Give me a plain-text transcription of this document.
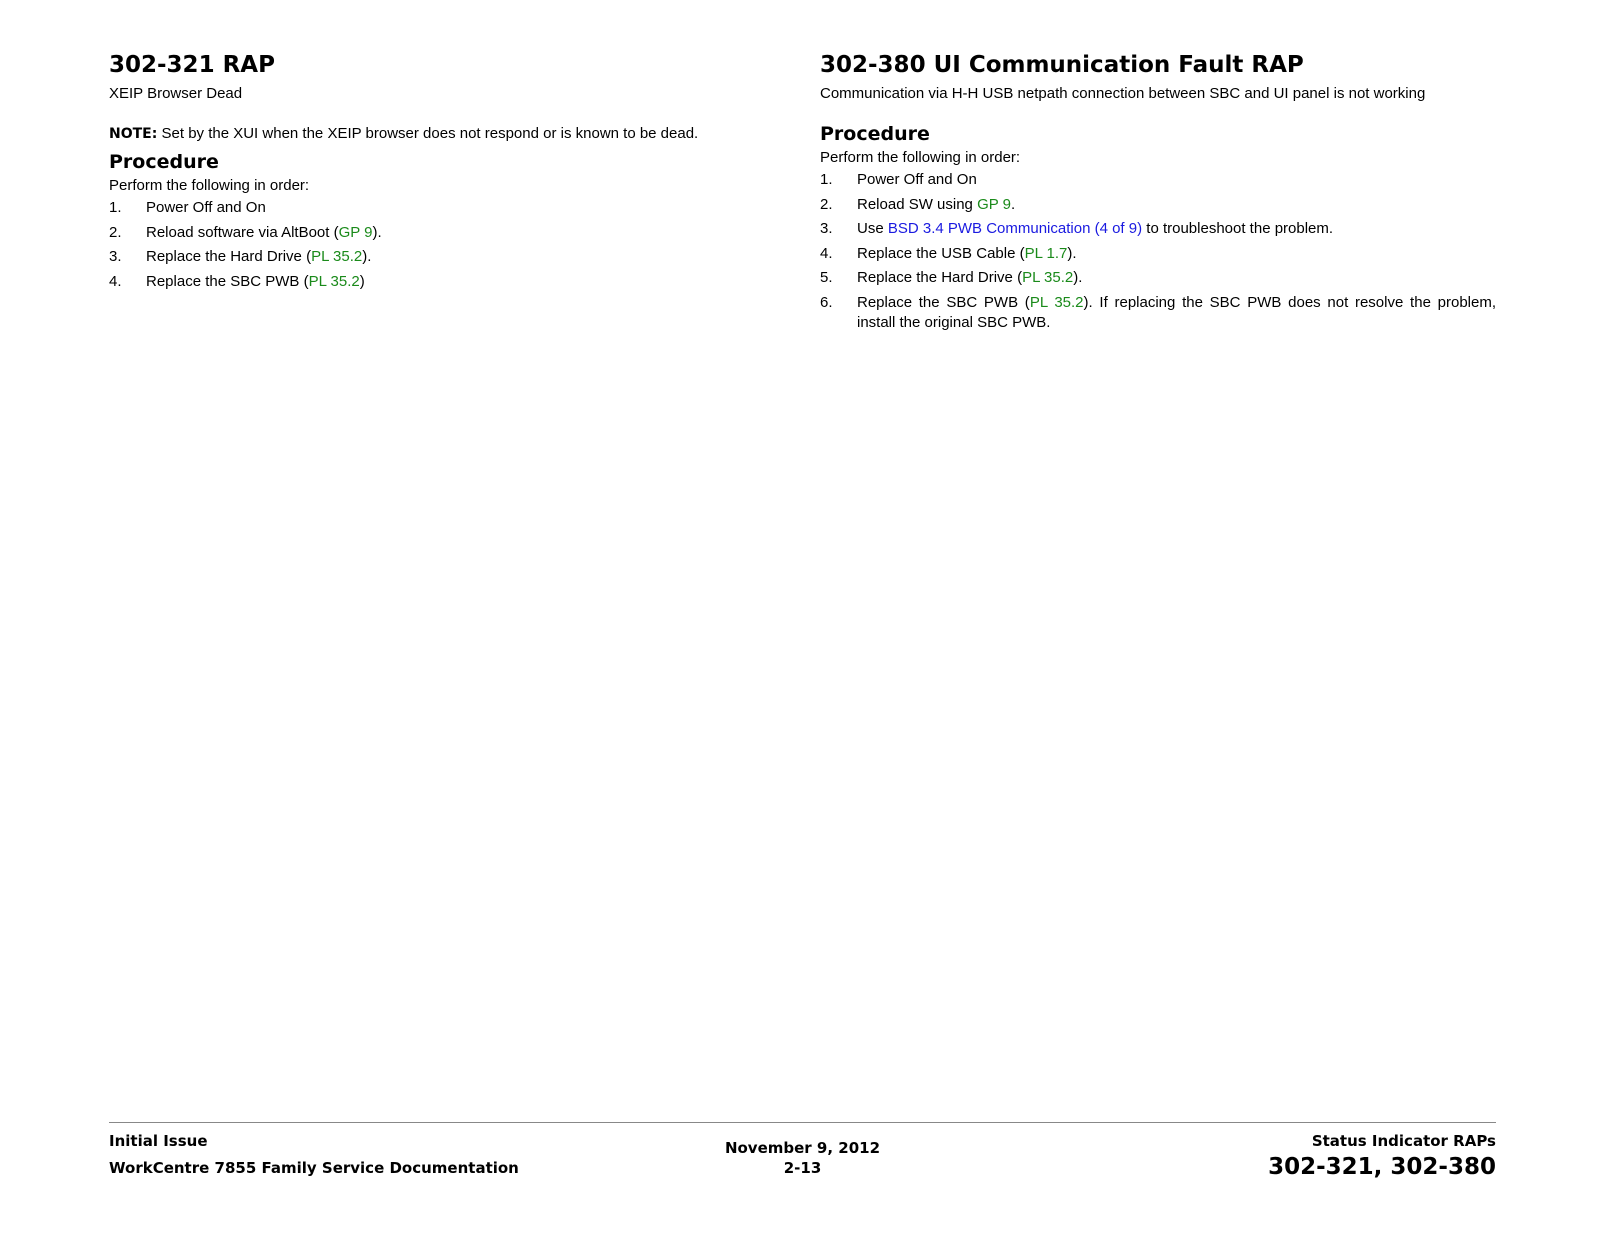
302-321 RAP

XEIP Browser Dead

NOTE: Set by the XUI when the XEIP browser does not respond or is known to be dead.

Procedure

Perform the following in order:

1. Power Off and On
2. Reload software via AltBoot (GP 9).
3. Replace the Hard Drive (PL 35.2).
4. Replace the SBC PWB (PL 35.2)
302-380 UI Communication Fault RAP

Communication via H-H USB netpath connection between SBC and UI panel is not working

Procedure

Perform the following in order:

1. Power Off and On
2. Reload SW using GP 9.
3. Use BSD 3.4 PWB Communication (4 of 9) to troubleshoot the problem.
4. Replace the USB Cable (PL 1.7).
5. Replace the Hard Drive (PL 35.2).
6. Replace the SBC PWB (PL 35.2). If replacing the SBC PWB does not resolve the problem, install the original SBC PWB.
Initial Issue
WorkCentre 7855 Family Service Documentation
November 9, 2012
2-13
Status Indicator RAPs
302-321, 302-380
